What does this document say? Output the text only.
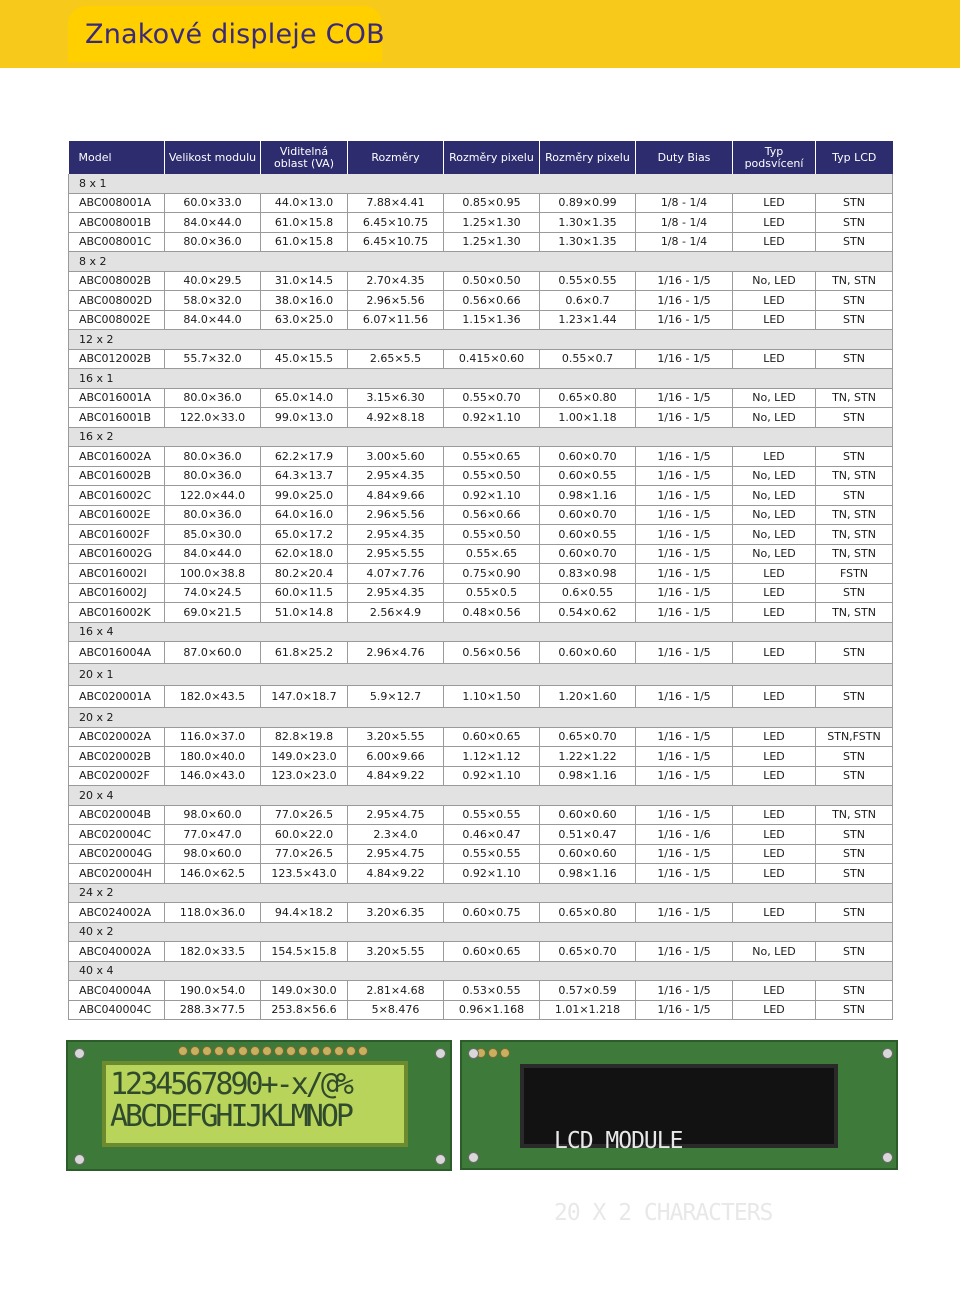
Znakové displeje COB
Model	Velikost modulu	Viditelná oblast (VA)	Rozměry	Rozměry pixelu	Rozměry pixelu	Duty Bias	Typ podsvícení	Typ LCD
8 x 1								
ABC008001A	60.0×33.0	44.0×13.0	7.88×4.41	0.85×0.95	0.89×0.99	1/8 - 1/4	LED	STN
ABC008001B	84.0×44.0	61.0×15.8	6.45×10.75	1.25×1.30	1.30×1.35	1/8 - 1/4	LED	STN
ABC008001C	80.0×36.0	61.0×15.8	6.45×10.75	1.25×1.30	1.30×1.35	1/8 - 1/4	LED	STN
8 x 2								
ABC008002B	40.0×29.5	31.0×14.5	2.70×4.35	0.50×0.50	0.55×0.55	1/16 - 1/5	No, LED	TN, STN
ABC008002D	58.0×32.0	38.0×16.0	2.96×5.56	0.56×0.66	0.6×0.7	1/16 - 1/5	LED	STN
ABC008002E	84.0×44.0	63.0×25.0	6.07×11.56	1.15×1.36	1.23×1.44	1/16 - 1/5	LED	STN
12 x 2								
ABC012002B	55.7×32.0	45.0×15.5	2.65×5.5	0.415×0.60	0.55×0.7	1/16 - 1/5	LED	STN
16 x 1								
ABC016001A	80.0×36.0	65.0×14.0	3.15×6.30	0.55×0.70	0.65×0.80	1/16 - 1/5	No, LED	TN, STN
ABC016001B	122.0×33.0	99.0×13.0	4.92×8.18	0.92×1.10	1.00×1.18	1/16 - 1/5	No, LED	STN
16 x 2								
ABC016002A	80.0×36.0	62.2×17.9	3.00×5.60	0.55×0.65	0.60×0.70	1/16 - 1/5	LED	STN
ABC016002B	80.0×36.0	64.3×13.7	2.95×4.35	0.55×0.50	0.60×0.55	1/16 - 1/5	No, LED	TN, STN
ABC016002C	122.0×44.0	99.0×25.0	4.84×9.66	0.92×1.10	0.98×1.16	1/16 - 1/5	No, LED	STN
ABC016002E	80.0×36.0	64.0×16.0	2.96×5.56	0.56×0.66	0.60×0.70	1/16 - 1/5	No, LED	TN, STN
ABC016002F	85.0×30.0	65.0×17.2	2.95×4.35	0.55×0.50	0.60×0.55	1/16 - 1/5	No, LED	TN, STN
ABC016002G	84.0×44.0	62.0×18.0	2.95×5.55	0.55×.65	0.60×0.70	1/16 - 1/5	No, LED	TN, STN
ABC016002I	100.0×38.8	80.2×20.4	4.07×7.76	0.75×0.90	0.83×0.98	1/16 - 1/5	LED	FSTN
ABC016002J	74.0×24.5	60.0×11.5	2.95×4.35	0.55×0.5	0.6×0.55	1/16 - 1/5	LED	STN
ABC016002K	69.0×21.5	51.0×14.8	2.56×4.9	0.48×0.56	0.54×0.62	1/16 - 1/5	LED	TN, STN
16 x 4								
ABC016004A	87.0×60.0	61.8×25.2	2.96×4.76	0.56×0.56	0.60×0.60	1/16 - 1/5	LED	STN
20 x 1								
ABC020001A	182.0×43.5	147.0×18.7	5.9×12.7	1.10×1.50	1.20×1.60	1/16 - 1/5	LED	STN
20 x 2								
ABC020002A	116.0×37.0	82.8×19.8	3.20×5.55	0.60×0.65	0.65×0.70	1/16 - 1/5	LED	STN,FSTN
ABC020002B	180.0×40.0	149.0×23.0	6.00×9.66	1.12×1.12	1.22×1.22	1/16 - 1/5	LED	STN
ABC020002F	146.0×43.0	123.0×23.0	4.84×9.22	0.92×1.10	0.98×1.16	1/16 - 1/5	LED	STN
20 x 4								
ABC020004B	98.0×60.0	77.0×26.5	2.95×4.75	0.55×0.55	0.60×0.60	1/16 - 1/5	LED	TN, STN
ABC020004C	77.0×47.0	60.0×22.0	2.3×4.0	0.46×0.47	0.51×0.47	1/16 - 1/6	LED	STN
ABC020004G	98.0×60.0	77.0×26.5	2.95×4.75	0.55×0.55	0.60×0.60	1/16 - 1/5	LED	STN
ABC020004H	146.0×62.5	123.5×43.0	4.84×9.22	0.92×1.10	0.98×1.16	1/16 - 1/5	LED	STN
24 x 2								
ABC024002A	118.0×36.0	94.4×18.2	3.20×6.35	0.60×0.75	0.65×0.80	1/16 - 1/5	LED	STN
40 x 2								
ABC040002A	182.0×33.5	154.5×15.8	3.20×5.55	0.60×0.65	0.65×0.70	1/16 - 1/5	No, LED	STN
40 x 4								
ABC040004A	190.0×54.0	149.0×30.0	2.81×4.68	0.53×0.55	0.57×0.59	1/16 - 1/5	LED	STN
ABC040004C	288.3×77.5	253.8×56.6	5×8.476	0.96×1.168	1.01×1.218	1/16 - 1/5	LED	STN
1234567890+-x/@%
ABCDEFGHIJKLMNOP

LCD MODULE

20 X 2 CHARACTERS
